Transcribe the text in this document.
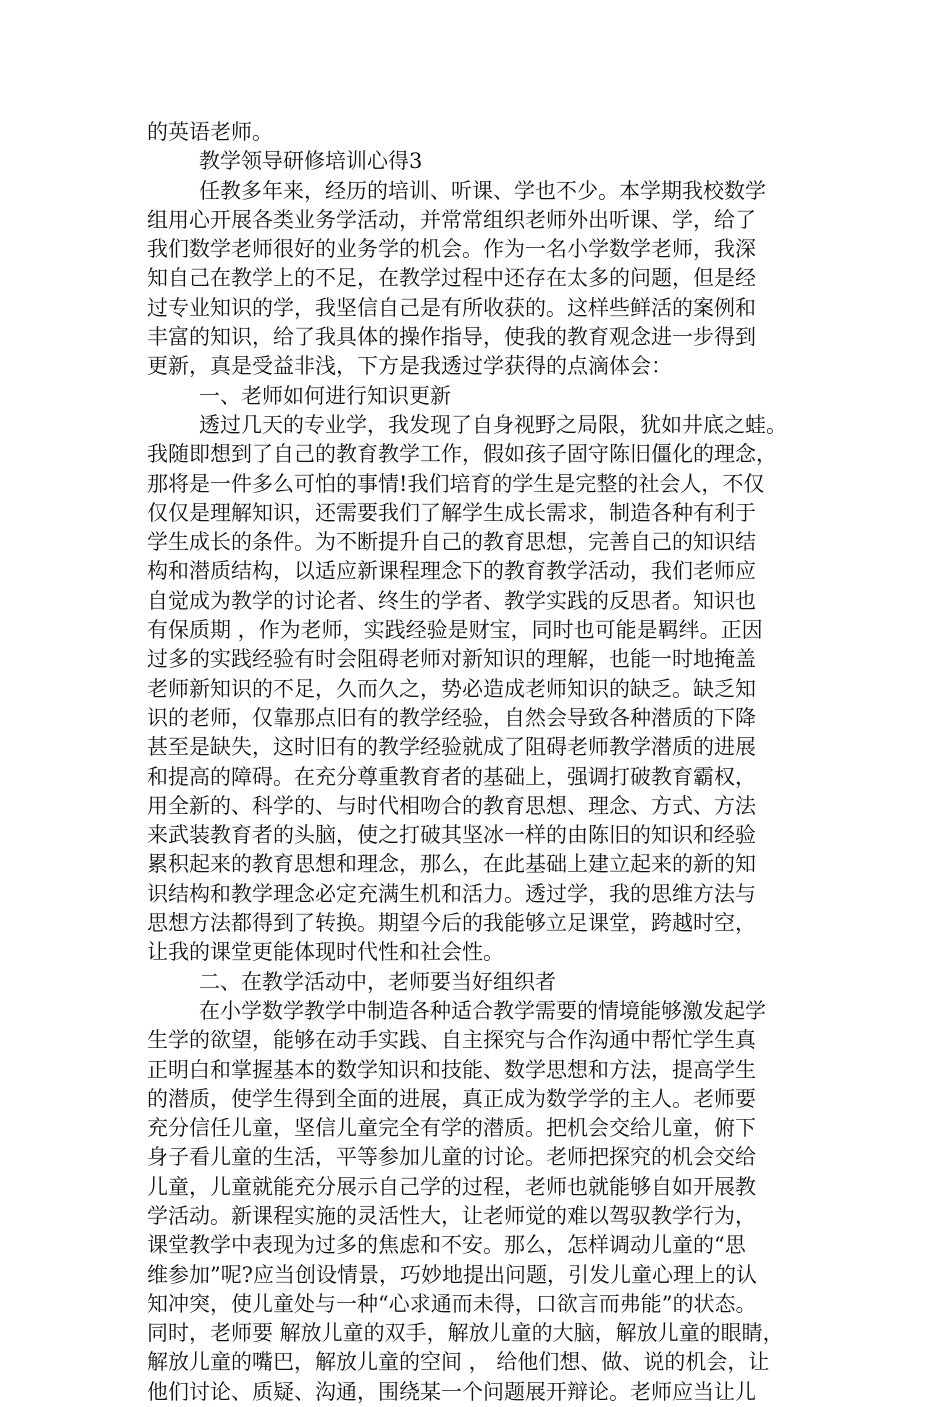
的英语老师。
教学领导研修培训心得3
任教多年来，经历的培训、听课、学也不少。本学期我校数学
组用心开展各类业务学活动，并常常组织老师外出听课、学，给了
我们数学老师很好的业务学的机会。作为一名小学数学老师，我深
知自己在教学上的不足，在教学过程中还存在太多的问题，但是经
过专业知识的学，我坚信自己是有所收获的。这样些鲜活的案例和
丰富的知识，给了我具体的操作指导，使我的教育观念进一步得到
更新，真是受益非浅，下方是我透过学获得的点滴体会：
一、老师如何进行知识更新
透过几天的专业学，我发现了自身视野之局限，犹如井底之蛙。
我随即想到了自己的教育教学工作，假如孩子固守陈旧僵化的理念，
那将是一件多么可怕的事情!我们培育的学生是完整的社会人，不仅
仅仅是理解知识，还需要我们了解学生成长需求，制造各种有利于
学生成长的条件。为不断提升自己的教育思想，完善自己的知识结
构和潜质结构，以适应新课程理念下的教育教学活动，我们老师应
自觉成为教学的讨论者、终生的学者、教学实践的反思者。知识也
有保质期 ，作为老师，实践经验是财宝，同时也可能是羁绊。正因
过多的实践经验有时会阻碍老师对新知识的理解，也能一时地掩盖
老师新知识的不足，久而久之，势必造成老师知识的缺乏。缺乏知
识的老师，仅靠那点旧有的教学经验，自然会导致各种潜质的下降
甚至是缺失，这时旧有的教学经验就成了阻碍老师教学潜质的进展
和提高的障碍。在充分尊重教育者的基础上，强调打破教育霸权，
用全新的、科学的、与时代相吻合的教育思想、理念、方式、方法
来武装教育者的头脑，使之打破其坚冰一样的由陈旧的知识和经验
累积起来的教育思想和理念，那么，在此基础上建立起来的新的知
识结构和教学理念必定充满生机和活力。透过学，我的思维方法与
思想方法都得到了转换。期望今后的我能够立足课堂，跨越时空，
让我的课堂更能体现时代性和社会性。
二、在教学活动中，老师要当好组织者
在小学数学教学中制造各种适合教学需要的情境能够激发起学
生学的欲望，能够在动手实践、自主探究与合作沟通中帮忙学生真
正明白和掌握基本的数学知识和技能、数学思想和方法，提高学生
的潜质，使学生得到全面的进展，真正成为数学学的主人。老师要
充分信任儿童，坚信儿童完全有学的潜质。把机会交给儿童，俯下
身子看儿童的生活，平等参加儿童的讨论。老师把探究的机会交给
儿童，儿童就能充分展示自己学的过程，老师也就能够自如开展教
学活动。新课程实施的灵活性大，让老师觉的难以驾驭教学行为，
课堂教学中表现为过多的焦虑和不安。那么，怎样调动儿童的“思
维参加”呢?应当创设情景，巧妙地提出问题，引发儿童心理上的认
知冲突，使儿童处与一种“心求通而未得，口欲言而弗能”的状态。
同时，老师要 解放儿童的双手，解放儿童的大脑，解放儿童的眼睛，
解放儿童的嘴巴，解放儿童的空间 ， 给他们想、做、说的机会，让
他们讨论、质疑、沟通，围绕某一个问题展开辩论。老师应当让儿
